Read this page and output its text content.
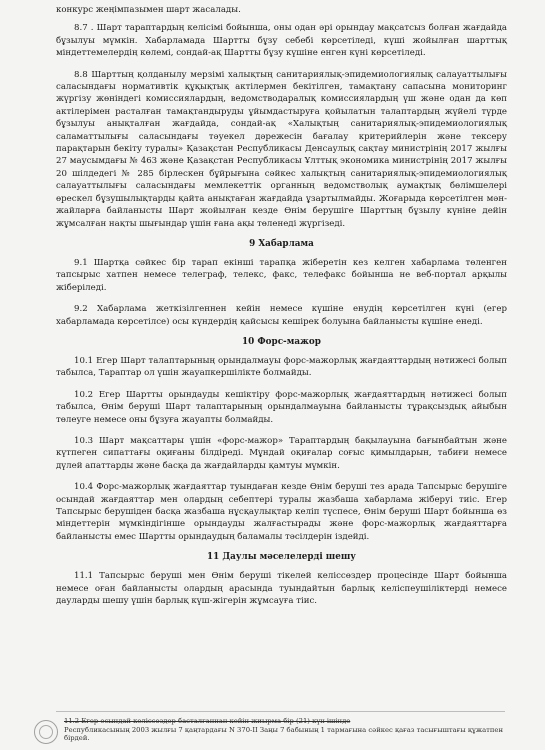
конкурс жеңімпазымен шарт жасалады.

8.7 . Шарт тараптардың келісімі бойынша, оны одан әрі орындау мақсатсыз болған жағдайда бұзылуы мүмкін. Хабарламада Шартты бұзу себебі көрсетіледі, күші жойылған шарттық міндеттемелердің көлемі, сондай-ақ Шартты бұзу күшіне енген күні көрсетіледі.

8.8 Шарттың қолданылу мерзімі халықтың санитариялық-эпидемиологиялық салауаттылығы саласындағы нормативтік құқықтық актілермен бекітілген, тамақтану сапасына мониторинг жүргізу жөніндегі комиссиялардың, ведомстводаралық комиссиялардың үш және одан да көп актілерімен расталған тамақтандыруды ұйымдастыруға қойылатын талаптардың жүйелі түрде бұзылуы анықталған жағдайда, сондай-ақ «Халықтың санитариялық-эпидемиологиялық саламаттылығы саласындағы тәуекел дәрежесін бағалау критерийлерін және тексеру парақтарын бекіту туралы» Қазақстан Республикасы Денсаулық сақтау министрінің 2017 жылғы 27 маусымдағы № 463 және Қазақстан Республикасы Ұлттық экономика министрінің 2017 жылғы 20 шілдедегі № 285 бірлескен бұйрығына сәйкес халықтың санитариялық-эпидемиологиялық салауаттылығы саласындағы мемлекеттік органның ведомстволық аумақтық бөлімшелері өрескел бұзушылықтарды қайта анықтаған жағдайда ұзартылмайды. Жоғарыда көрсетілген мән-жайларға байланысты Шарт жойылған кезде Өнім берушіге Шарттың бұзылу күніне дейін жұмсалған нақты шығындар үшін ғана ақы төленеді жүргізеді.

9 Хабарлама

9.1 Шартқа сәйкес бір тарап екінші тарапқа жіберетін кез келген хабарлама төленген тапсырыс хатпен немесе телеграф, телекс, факс, телефакс бойынша не веб-портал арқылы жіберіледі.

9.2 Хабарлама жеткізілгеннен кейін немесе күшіне енудің көрсетілген күні (егер хабарламада көрсетілсе) осы күндердің қайсысы кешірек болуына байланысты күшіне енеді.

10 Форс-мажор

10.1 Егер Шарт талаптарының орындалмауы форс-мажорлық жағдаяттардың нәтижесі болып табылса, Тараптар ол үшін жауапкершілікте болмайды.

10.2 Егер Шартты орындауды кешіктіру форс-мажорлық жағдаяттардың нәтижесі болып табылса, Өнім беруші Шарт талаптарының орындалмауына байланысты тұрақсыздық айыбын төлеуге немесе оны бұзуға жауапты болмайды.

10.3 Шарт мақсаттары үшін «форс-мажор» Тараптардың бақылауына бағынбайтын және күтпеген сипаттағы оқиғаны білдіреді. Мұндай оқиғалар соғыс қимылдарын, табиғи немесе дүлей апаттарды және басқа да жағдайларды қамтуы мүмкін.

10.4 Форс-мажорлық жағдаяттар туындаған кезде Өнім беруші тез арада Тапсырыс берушіге осындай жағдаяттар мен олардың себептері туралы жазбаша хабарлама жіберуі тиіс. Егер Тапсырыс берушіден басқа жазбаша нұсқаулықтар келіп түспесе, Өнім беруші Шарт бойынша өз міндеттерін мүмкіндігінше орындауды жалғастырады және форс-мажорлық жағдаяттарға байланысты емес Шартты орындаудың баламалы тәсілдерін іздейді.

11 Даулы мәселелерді шешу

11.1 Тапсырыс беруші мен Өнім беруші тікелей келіссөздер процесінде Шарт бойынша немесе оған байланысты олардың арасында туындайтын барлық келіспеушіліктерді немесе дауларды шешу үшін барлық күш-жігерін жұмсауға тіис.

11.2 Егер осындай келіссөздер басталғаннан кейін жиырма бір (21) күн ішінде
Республикасының 2003 жылғы 7 қаңтардағы N 370-II Заңы 7 бабының 1 тармағына сәйкес қағаз тасығыштағы құжатпен бірдей.
